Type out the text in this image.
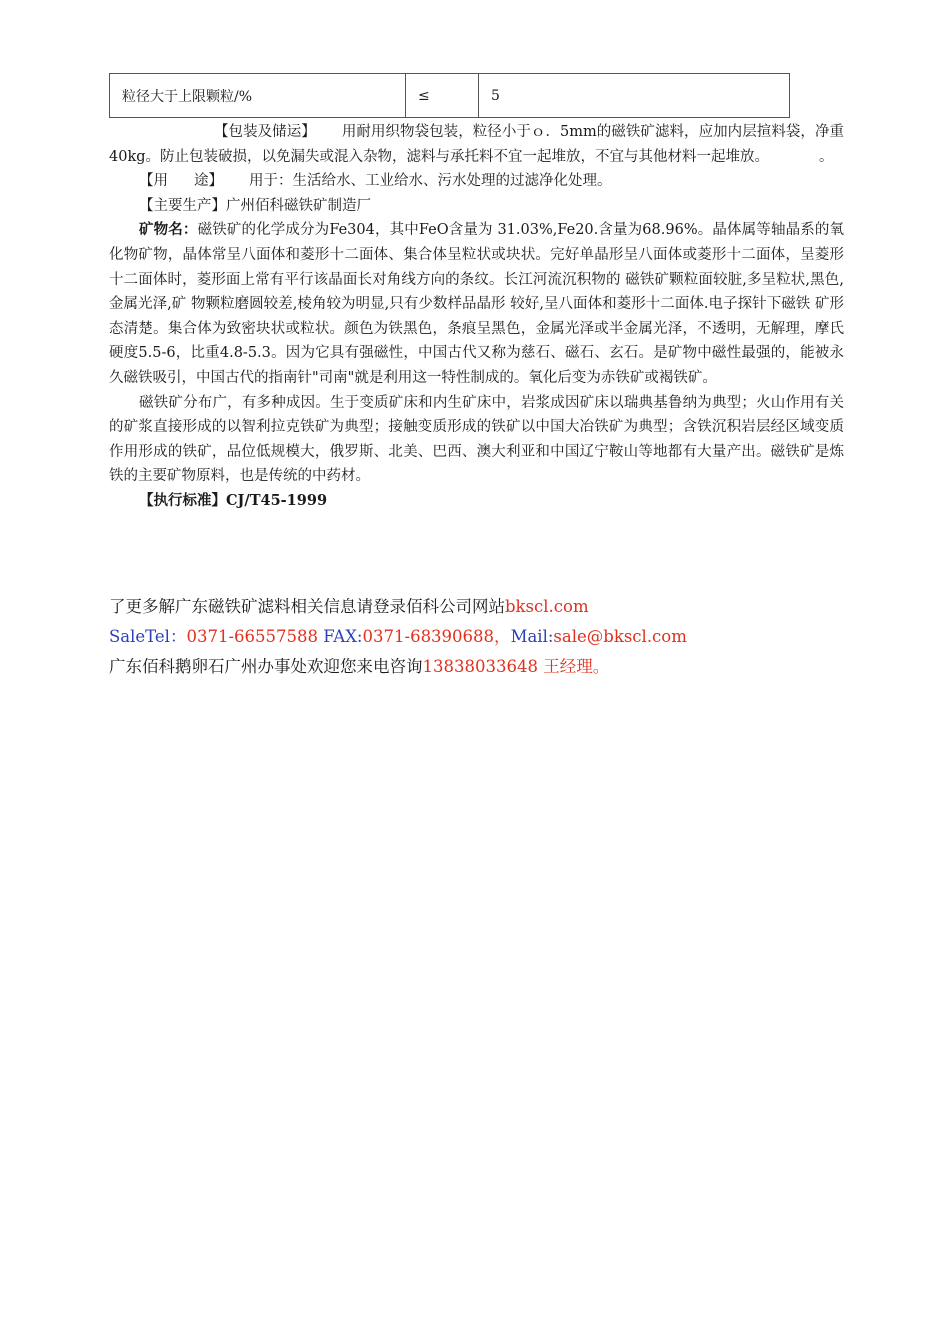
粒径大于上限颗粒/%	≤	5

【包装及储运】 用耐用织物袋包装，粒径小于ｏ．5mm的磁铁矿滤料，应加内层揎料袋，净重40kg。防止包装破损，以免漏失或混入杂物，滤料与承托料不宜一起堆放，不宜与其他材料一起堆放。	。

【用 途】 用于：生活给水、工业给水、污水处理的过滤净化处理。

【主要生产】广州佰科磁铁矿制造厂

矿物名：磁铁矿的化学成分为Fe304，其中FeO含量为 31.03%,Fe20.含量为68.96%。晶体属等轴晶系的氧化物矿物，晶体常呈八面体和菱形十二面体、集合体呈粒状或块状。完好单晶形呈八面体或菱形十二面体，呈菱形十二面体时，菱形面上常有平行该晶面长对角线方向的条纹。长江河流沉积物的 磁铁矿颗粒面较脏,多呈粒状,黑色,金属光泽,矿 物颗粒磨圆较差,棱角较为明显,只有少数样品晶形 较好,呈八面体和菱形十二面体.电子探针下磁铁 矿形态清楚。集合体为致密块状或粒状。颜色为铁黑色，条痕呈黑色，金属光泽或半金属光泽，不透明，无解理，摩氏硬度5.5-6，比重4.8-5.3。因为它具有强磁性，中国古代又称为慈石、磁石、玄石。是矿物中磁性最强的，能被永久磁铁吸引，中国古代的指南针"司南"就是利用这一特性制成的。氧化后变为赤铁矿或褐铁矿。

磁铁矿分布广，有多种成因。生于变质矿床和内生矿床中，岩浆成因矿床以瑞典基鲁纳为典型；火山作用有关的矿浆直接形成的以智利拉克铁矿为典型；接触变质形成的铁矿以中国大冶铁矿为典型；含铁沉积岩层经区域变质作用形成的铁矿，品位低规模大，俄罗斯、北美、巴西、澳大利亚和中国辽宁鞍山等地都有大量产出。磁铁矿是炼铁的主要矿物原料，也是传统的中药材。

【执行标准】CJ/T45-1999

了更多解广东磁铁矿滤料相关信息请登录佰科公司网站bkscl.com

SaleTel：0371-66557588 FAX:0371-68390688，Mail:sale@bkscl.com

广东佰科鹅卵石广州办事处欢迎您来电咨询13838033648 王经理。
